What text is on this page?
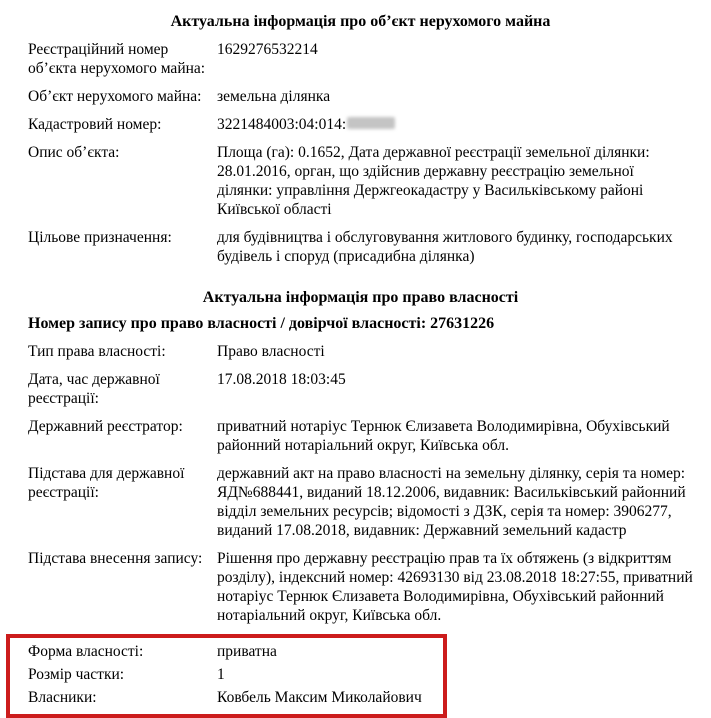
Актуальна інформація про об’єкт нерухомого майна
Реєстраційний номер об’єкта нерухомого майна:
1629276532214
Об’єкт нерухомого майна:	земельна ділянка
Кадастровий номер:	3221484003:04:014:
Опис об’єкта:	Площа (га): 0.1652, Дата державної реєстрації земельної ділянки: 28.01.2016, орган, що здійснив державну реєстрацію земельної ділянки: управління Держгеокадастру у Васильківському районі Київської області
Цільове призначення:	для будівництва і обслуговування житлового будинку, господарських будівель і споруд (присадибна ділянка)
Актуальна інформація про право власності
Номер запису про право власності / довірчої власності: 27631226
Тип права власності:	Право власності
Дата, час державної реєстрації:
17.08.2018 18:03:45
Державний реєстратор:	приватний нотаріус Тернюк Єлизавета Володимирівна, Обухівський районний нотаріальний округ, Київська обл.
Підстава для державної реєстрації:
державний акт на право власності на земельну ділянку, серія та номер: ЯД№688441, виданий 18.12.2006, видавник: Васильківський районний відділ земельних ресурсів; відомості з ДЗК, серія та номер: 3906277, виданий 17.08.2018, видавник: Державний земельний кадастр
Підстава внесення запису: Рішення про державну реєстрацію прав та їх обтяжень (з відкриттям розділу), індексний номер: 42693130 від 23.08.2018 18:27:55, приватний нотаріус Тернюк Єлизавета Володимирівна, Обухівський районний нотаріальний округ, Київська обл.
Форма власності:	приватна
Розмір частки:	1
Власники:	Ковбель Максим Миколайович
